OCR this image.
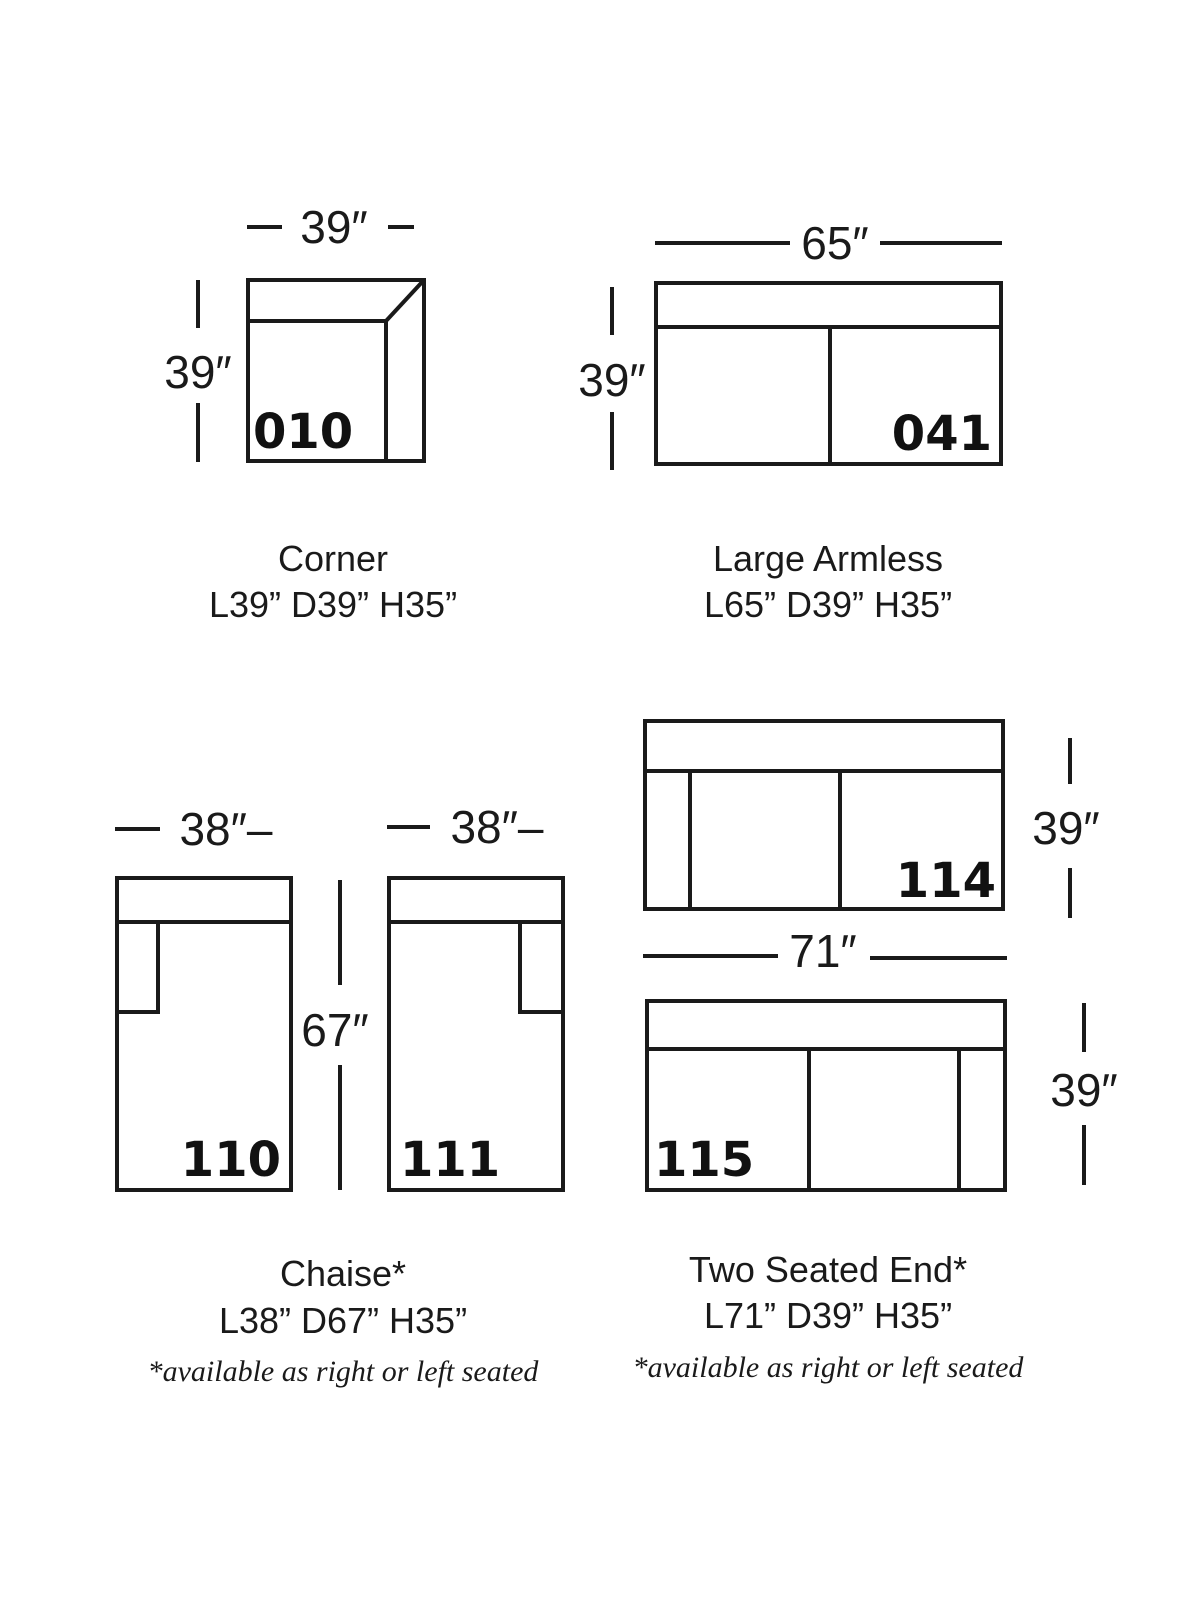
39″
39″
010
Corner
L39” D39” H35”
65″
39″
041
Large Armless
L65” D39” H35”
114
39″
71″
115
39″
Two Seated End*
L71” D39” H35”
*available as right or left seated
38″–	38″–
110
67″
111
Chaise*
L38” D67” H35”
*available as right or left seated
